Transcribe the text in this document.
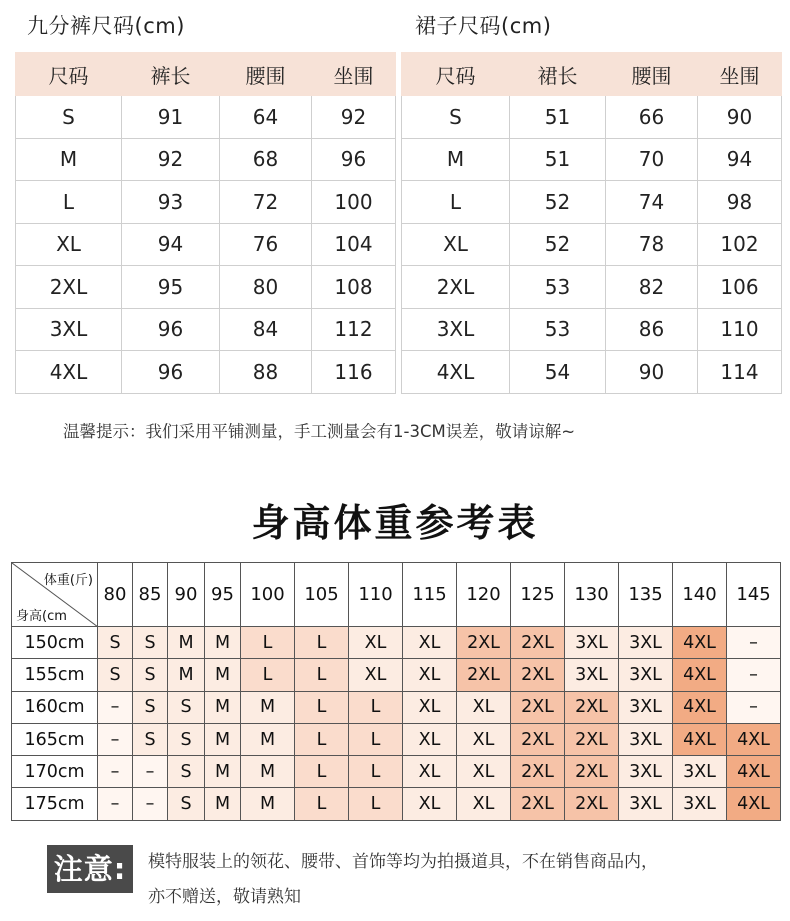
九分裤尺码(cm)	裙子尺码(cm)
尺码	裤长	腰围	坐围
S	91	64	92
M	92	68	96
L	93	72	100
XL	94	76	104
2XL	95	80	108
3XL	96	84	112
4XL	96	88	116
尺码	裙长	腰围	坐围
S	51	66	90
M	51	70	94
L	52	74	98
XL	52	78	102
2XL	53	82	106
3XL	53	86	110
4XL	54	90	114
温馨提示：我们采用平铺测量，手工测量会有1-3CM误差，敬请谅解~
身高体重参考表
体重(斤)
身高(cm	80	85	90	95	100	105	110	115	120	125	130	135	140	145
150cm	S	S	M	M	L	L	XL	XL	2XL	2XL	3XL	3XL	4XL	–
155cm	S	S	M	M	L	L	XL	XL	2XL	2XL	3XL	3XL	4XL	–
160cm	–	S	S	M	M	L	L	XL	XL	2XL	2XL	3XL	4XL	–
165cm	–	S	S	M	M	L	L	XL	XL	2XL	2XL	3XL	4XL	4XL
170cm	–	–	S	M	M	L	L	XL	XL	2XL	2XL	3XL	3XL	4XL
175cm	–	–	S	M	M	L	L	XL	XL	2XL	2XL	3XL	3XL	4XL
注意:	模特服装上的领花、腰带、首饰等均为拍摄道具，不在销售商品内，
亦不赠送，敬请熟知
